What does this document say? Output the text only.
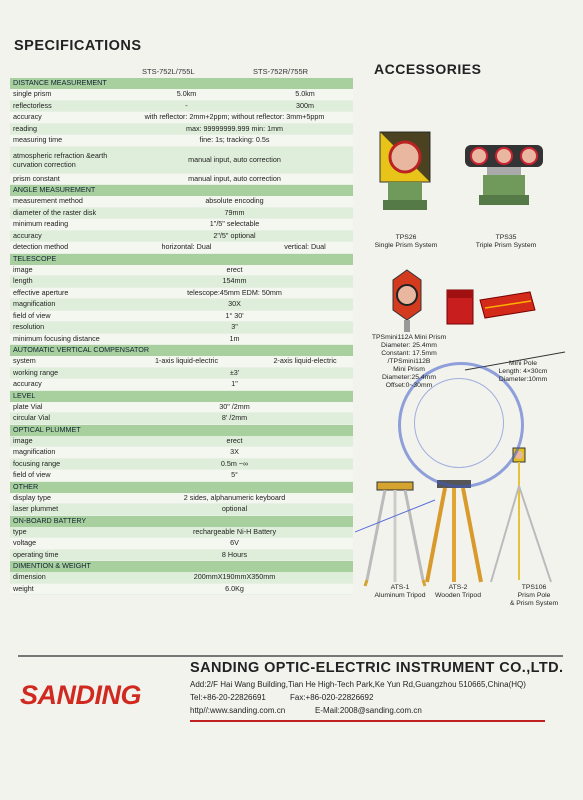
SPECIFICATIONS
ACCESSORIES
STS-752L/755L	STS-752R/755R
DISTANCE MEASUREMENT		
single prism	5.0km	5.0km
reflectorless	-	300m
accuracy	with reflector: 2mm+2ppm; without reflector: 3mm+5ppm	
reading	max: 99999999.999 min: 1mm	
measuring time	fine: 1s; tracking: 0.5s	
atmospheric refraction &earth curvation correction	manual input, auto correction	
prism constant	manual input, auto correction	
ANGLE MEASUREMENT		
measurement method	absolute encoding	
diameter of the raster disk	79mm	
minimum reading	1"/5" selectable	
accuracy	2"/5" optional	
detection method	horizontal: Dual	vertical: Dual
TELESCOPE		
image	erect	
length	154mm	
effective aperture	telescope:45mm EDM: 50mm	
magnification	30X	
field of view	1° 30'	
resolution	3"	
minimum focusing distance	1m	
AUTOMATIC VERTICAL COMPENSATOR		
system	1-axis liquid-electric	2-axis liquid-electric
working range	±3'	
accuracy	1"	
LEVEL		
plate Vial	30" /2mm	
circular Vial	8' /2mm	
OPTICAL PLUMMET		
image	erect	
magnification	3X	
focusing range	0.5m ~∞	
field of view	5°	
OTHER		
display type	2 sides, alphanumeric keyboard	
laser plummet	optional	
ON-BOARD BATTERY		
type	rechargeable Ni-H Battery	
voltage	6V	
operating time	8 Hours	
DIMENTION & WEIGHT		
dimension	200mmX190mmX350mm	
weight	6.0Kg	
TPS26
Single Prism System
TPS35
Triple Prism System
TPSmini112A Mini Prism
Diameter: 25.4mm
Constant: 17.5mm
/TPSmini112B
Mini Prism
Diameter:25.4mm
Offset:0~30mm
Mini Pole
Length: 4×30cm
Diameter:10mm
ATS-1
Aluminum Tripod
ATS-2
Wooden Tripod
TPS106
Prism Pole
& Prism System
SANDING OPTIC-ELECTRIC INSTRUMENT CO.,LTD.
SANDING	Add:2/F Hai Wang Building,Tian He High-Tech Park,Ke Yun Rd,Guangzhou 510665,China(HQ)
Tel:+86-20-22826691	Fax:+86-020-22826692
http//:www.sanding.com.cn	E-Mail:2008@sanding.com.cn
